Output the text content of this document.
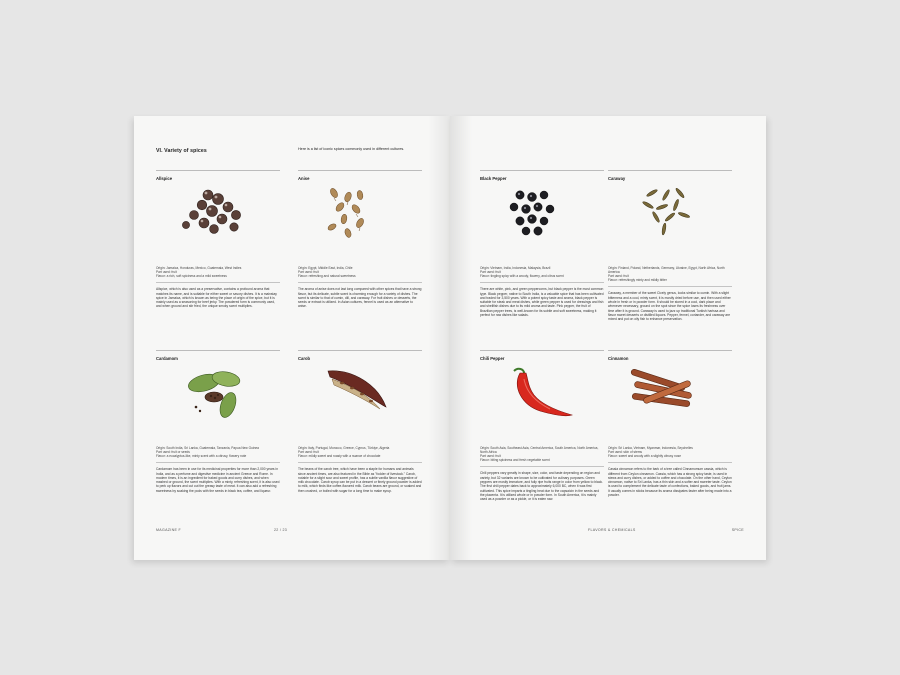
VI. Variety of spices	Here is a list of iconic spices commonly used in different cultures.
Allspice
Origin: Jamaica, Honduras, Mexico, Guatemala, West Indies
Part used: fruit
Flavor: a rich, soft spiciness and a mild sweetness
Allspice, which is also used as a preservative, contains a profound aroma that matches its name, and is suitable for either sweet or savory dishes. It is a mainstay spice in Jamaica, which is known as being the place of origin of the spice, but it is mainly used as a seasoning for beef jerky. The powdered form is commonly used, and when ground and stir fried, the unique smoky scent multiplies.
Anise
Origin: Egypt, Middle East, India, Chile
Part used: fruit
Flavor: refreshing and natural sweetness
The aroma of anise does not last long compared with other spices that have a strong flavor, but its delicate, subtle scent is charming enough for a variety of dishes. The scent is similar to that of cumin, dill, and caraway. For fruit dishes or desserts, the seeds or extract is utilized. In Asian cultures, fennel is used as an alternative to anise.
Cardamom
Origin: South India, Sri Lanka, Guatemala, Tanzania, Papua New Guinea
Part used: fruit or seeds
Flavor: a eucalyptus-like, minty scent with a citrusy, flowery note
Cardamom has been in use for its medicinal properties for more than 2,000 years in India, and as a perfume and digestive medicine in ancient Greece and Rome. In modern times, it is an ingredient for baked goods and curry dishes, and when mashed or ground, the scent multiplies. With a minty, refreshing scent, it is also used to perk up flavors and cut out the greasy taste of meat. It can also add a refreshing sweetness by soaking the pods with the seeds in black tea, coffee, and liqueur.
Carob
Origin: Italy, Portugal, Morocco, Greece, Cyprus, Türkiye, Algeria
Part used: fruit
Flavor: mildly sweet and roasty with a nuance of chocolate
The beans of the carob tree, which have been a staple for humans and animals since ancient times, are also featured in the Bible as "fodder of livestock." Carob, notable for a slight sour and sweet profile, has a subtle vanilla flavor suggestive of milk chocolate. Carob syrup can be put in a dessert or finely ground powder is added to milk, which finds like coffee-flavored milk. Carob beans are ground, or soaked and then crushed, or boiled with sugar for a long time to make syrup.
MAGAZINE F	22 / 23
Black Pepper
Origin: Vietnam, India, Indonesia, Malaysia, Brazil
Part used: fruit
Flavor: tingling spicy with a woody, flowery, and citrus scent
There are white, pink, and green peppercorns, but black pepper is the most common type. Black pepper, native to South India, is a valuable spice that has been cultivated and traded for 3,500 years. With a potent spicy taste and aroma, black pepper is suitable for steak and meat dishes, while green pepper is used for dressings and fish and shellfish dishes due to its mild aroma and taste. Pink pepper, the fruit of Brazilian pepper trees, is well-known for its subtle and soft sweetness, making it perfect for raw dishes like salads.
Caraway
Origin: Finland, Poland, Netherlands, Germany, Ukraine, Egypt, North Africa, North America
Part used: fruit
Flavor: refreshingly minty and mildly bitter
Caraway, a member of the sweet Cicely genus, looks similar to cumin. With a slight bitterness and a cool, minty scent, it is mostly dried before use, and then used either whole in fresh or in powder form. It should be stored in a cool, dark place and whenever necessary, ground on the spot since the spice loses its freshness over time after it is ground. Caraway is used to jazz up traditional Turkish harissa and flavor sweet desserts or distilled liquors. Pepper, fennel, coriander, and caraway are mixed and put on oily fish to enhance preservation.
Chili Pepper
Origin: South Asia, Southeast Asia, Central America, South America, North America, North Africa
Part used: fruit
Flavor: biting spiciness and fresh vegetable scent
Chili peppers vary greatly in shape, size, color, and taste depending on region and variety, but 32 variants are known to be cultivated for culinary purposes. Green peppers are mostly immature, and fully ripe fruits range in color from yellow to black. The first chili pepper dates back to approximately 6,000 BC, when it was first cultivated. This spice imparts a tingling heat due to the capsaicin in the seeds and the placenta. It is utilized whole or in powder form. In South America, it is mainly used as a powder or as a pickle, or it is eaten raw.
Cinnamon
Origin: Sri Lanka, Vietnam, Myanmar, Indonesia, Seychelles
Part used: skin of stems
Flavor: sweet and woody with a slightly citrusy nose
Cassia cinnamon refers to the bark of a tree called Cinnamomum cassia, which is different from Ceylon cinnamon. Cassia, which has a strong spicy taste, is used in stews and curry dishes, or added to coffee and chocolate. On the other hand, Ceylon cinnamon, native to Sri Lanka, has a thin skin and a softer and sweeter taste. Ceylon is used to complement the delicate taste of confections, baked goods, and fruit jams. It usually comes in sticks because its aroma dissipates faster after being made into a powder.
FLAVORS & CHEMICALS	SPICE
